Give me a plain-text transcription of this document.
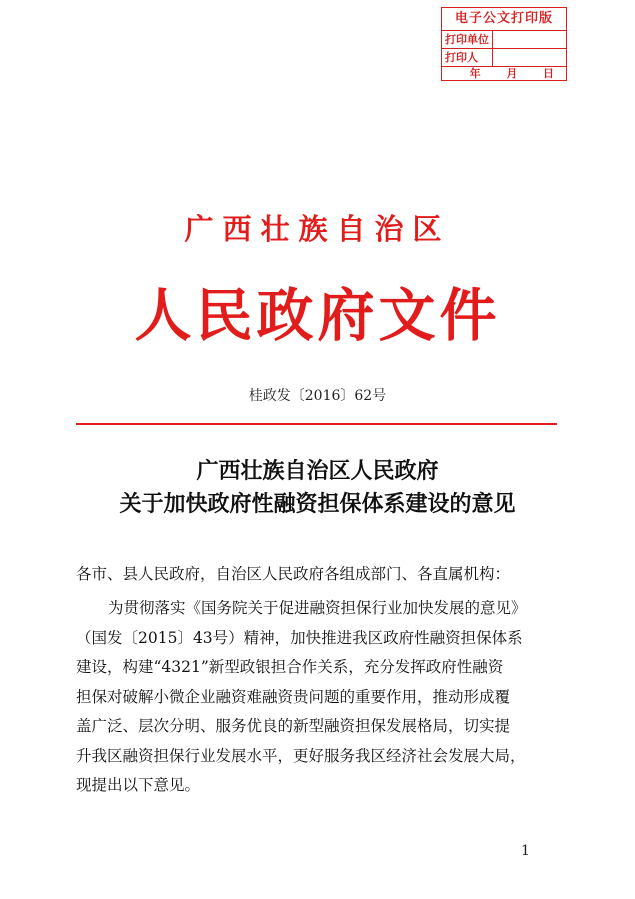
电子公文打印版
打印单位
打印人
年  月  日
广西壮族自治区
人民政府文件
桂政发〔2016〕62号
广西壮族自治区人民政府
关于加快政府性融资担保体系建设的意见
各市、县人民政府，自治区人民政府各组成部门、各直属机构：
为贯彻落实《国务院关于促进融资担保行业加快发展的意见》
（国发〔2015〕43号）精神，加快推进我区政府性融资担保体系
建设，构建“4321”新型政银担合作关系，充分发挥政府性融资
担保对破解小微企业融资难融资贵问题的重要作用，推动形成覆
盖广泛、层次分明、服务优良的新型融资担保发展格局，切实提
升我区融资担保行业发展水平，更好服务我区经济社会发展大局，
现提出以下意见。
1
